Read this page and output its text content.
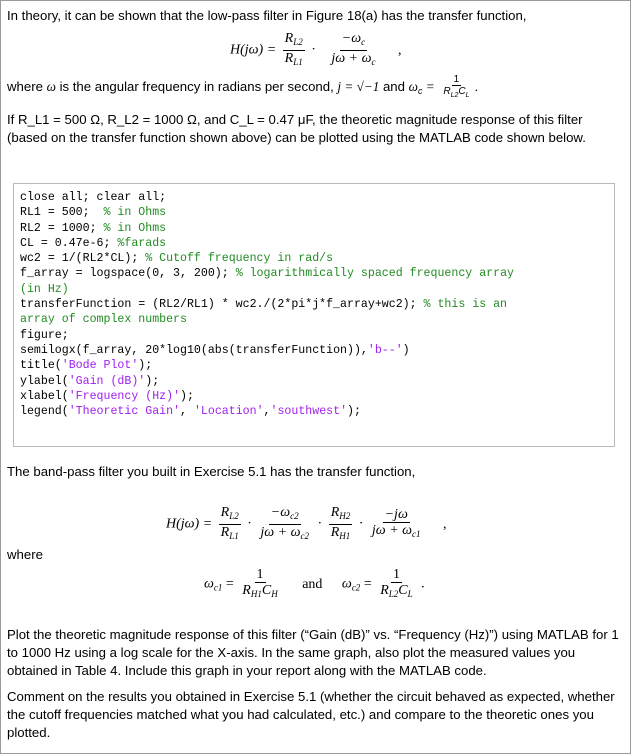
In theory, it can be shown that the low-pass filter in Figure 18(a) has the transfer function,
$H(j\omega) = \frac{R_{L2}}{R_{L1}} \cdot \frac{-\omega_c}{j\omega + \omega_c}$ ,
where ω is the angular frequency in radians per second, j = √−1 and $\omega_c = \frac{1}{R_{L2}C_L}$ .
If R_L1 = 500 Ω, R_L2 = 1000 Ω, and C_L = 0.47 μF, the theoretic magnitude response of this filter (based on the transfer function shown above) can be plotted using the MATLAB code shown below.
close all; clear all;
RL1 = 500;  % in Ohms
RL2 = 1000; % in Ohms
CL = 0.47e-6; %farads
wc2 = 1/(RL2*CL); % Cutoff frequency in rad/s
f_array = logspace(0, 3, 200); % logarithmically spaced frequency array
(in Hz)
transferFunction = (RL2/RL1) * wc2./(2*pi*j*f_array+wc2); % this is an
array of complex numbers
figure;
semilogx(f_array, 20*log10(abs(transferFunction)),'b--')
title('Bode Plot');
ylabel('Gain (dB)');
xlabel('Frequency (Hz)');
legend('Theoretic Gain', 'Location','southwest');
The band-pass filter you built in Exercise 5.1 has the transfer function,
$H(j\omega) = \frac{R_{L2}}{R_{L1}} \cdot \frac{-\omega_{c2}}{j\omega + \omega_{c2}} \cdot \frac{R_{H2}}{R_{H1}} \cdot \frac{-j\omega}{j\omega + \omega_{c1}}$ ,
where
$\omega_{c1} = \frac{1}{R_{H1}C_H}$ and $\omega_{c2} = \frac{1}{R_{L2}C_L}$ .
Plot the theoretic magnitude response of this filter (“Gain (dB)” vs. “Frequency (Hz)”) using MATLAB for 1 to 1000 Hz using a log scale for the X-axis. In the same graph, also plot the measured values you obtained in Table 4. Include this graph in your report along with the MATLAB code.
Comment on the results you obtained in Exercise 5.1 (whether the circuit behaved as expected, whether the cutoff frequencies matched what you had calculated, etc.) and compare to the theoretic ones you plotted.
